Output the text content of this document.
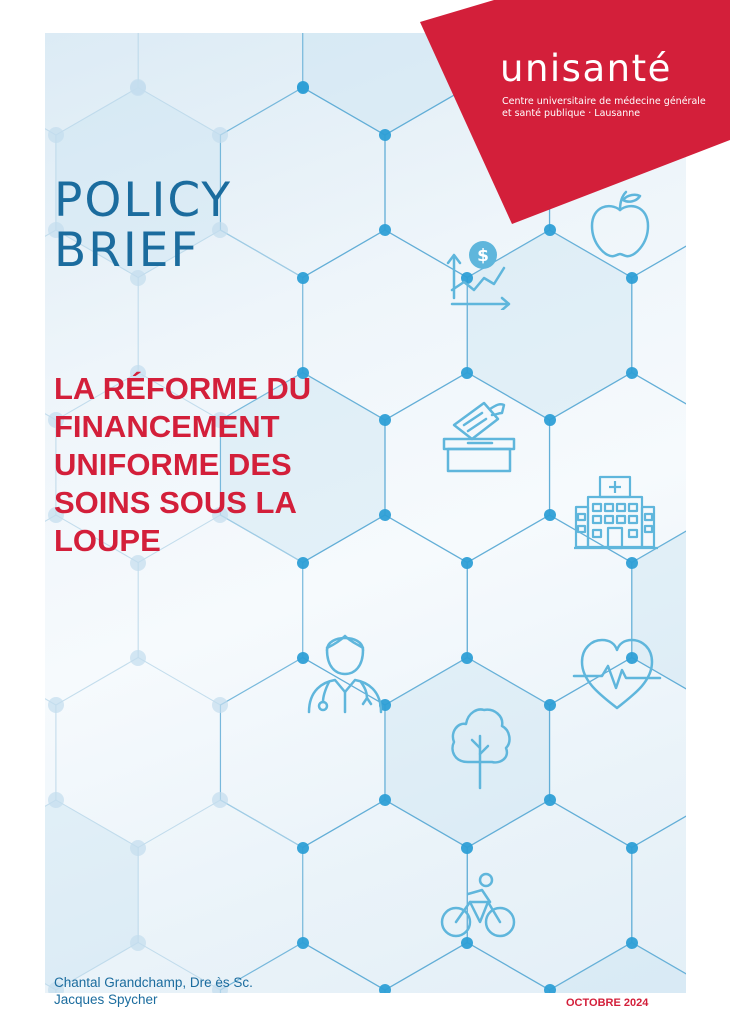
unisanté
Centre universitaire de médecine générale
et santé publique · Lausanne
POLICY
BRIEF
LA RÉFORME DU
FINANCEMENT
UNIFORME DES
SOINS SOUS LA
LOUPE
$
Chantal Grandchamp, Dre ès Sc.
Jacques Spycher	OCTOBRE 2024
